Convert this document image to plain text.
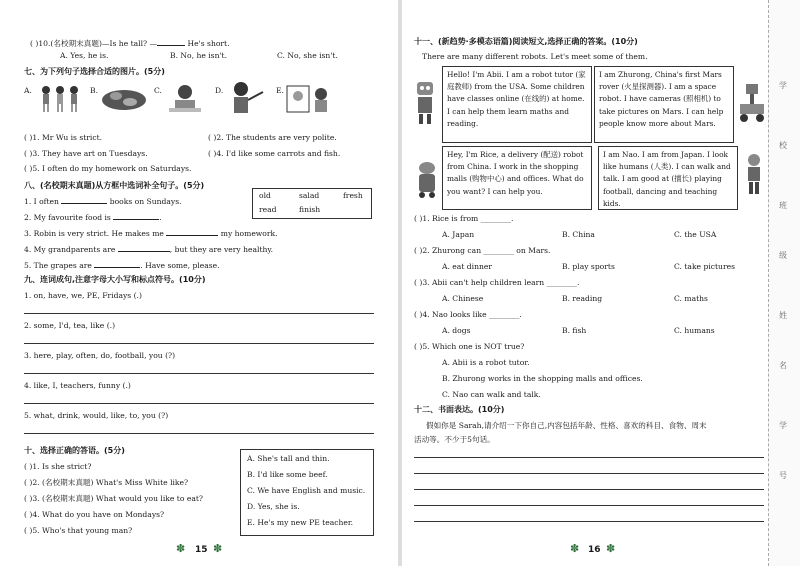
( )10.(名校期末真题)—Is he tall? —	He's short.
A. Yes, he is.	B. No, he isn't.	C. No, she isn't.
七、为下列句子选择合适的图片。(5分)
A.	B.	C.	D.	E.
( )1. Mr Wu is strict.	( )2. The students are very polite.
( )3. They have art on Tuesdays.	( )4. I'd like some carrots and fish.
( )5. I often do my homework on Saturdays.
八、(名校期末真题)从方框中选词补全句子。(5分)
old	salad	fresh
read	finish
1. I often	books on Sundays.
2. My favourite food is	.
3. Robin is very strict. He makes me	my homework.
4. My grandparents are	, but they are very healthy.
5. The grapes are	. Have some, please.
九、连词成句,注意字母大小写和标点符号。(10分)
1. on, have, we, PE, Fridays (.)
2. some, I'd, tea, like (.)
3. here, play, often, do, football, you (?)
4. like, I, teachers, funny (.)
5. what, drink, would, like, to, you (?)
十、选择正确的答语。(5分)
( )1. Is she strict?
( )2. (名校期末真题) What's Miss White like?
( )3. (名校期末真题) What would you like to eat?
( )4. What do you have on Mondays?
( )5. Who's that young man?
A. She's tall and thin.
B. I'd like some beef.
C. We have English and music.
D. Yes, she is.
E. He's my new PE teacher.
✽ 15 ✽
十一、(新趋势·多模态语篇)阅读短文,选择正确的答案。(10分)
There are many different robots. Let's meet some of them.
Hello! I'm Abii. I am a robot tutor (家庭教师) from the USA. Some children have classes online (在线的) at home. I can help them learn maths and reading.
I am Zhurong, China's first Mars rover (火星探测器). I am a space robot. I have cameras (照相机) to take pictures on Mars. I can help people know more about Mars.
Hey, I'm Rice, a delivery (配送) robot from China. I work in the shopping malls (购物中心) and offices. What do you want? I can help you.
I am Nao. I am from Japan. I look like humans (人类). I can walk and talk. I am good at (擅长) playing football, dancing and teaching kids.
( )1. Rice is from ________.
A. Japan	B. China	C. the USA
( )2. Zhurong can ________ on Mars.
A. eat dinner	B. play sports	C. take pictures
( )3. Abii can't help children learn ________.
A. Chinese	B. reading	C. maths
( )4. Nao looks like ________.
A. dogs	B. fish	C. humans
( )5. Which one is NOT true?
A. Abii is a robot tutor.
B. Zhurong works in the shopping malls and offices.
C. Nao can walk and talk.
十二、书面表达。(10分)
假如你是 Sarah,请介绍一下你自己,内容包括年龄、性格、喜欢的科目、食物、周末
活动等。不少于5句话。
✽ 16 ✽
学
校
班
级
姓
名
学
号
